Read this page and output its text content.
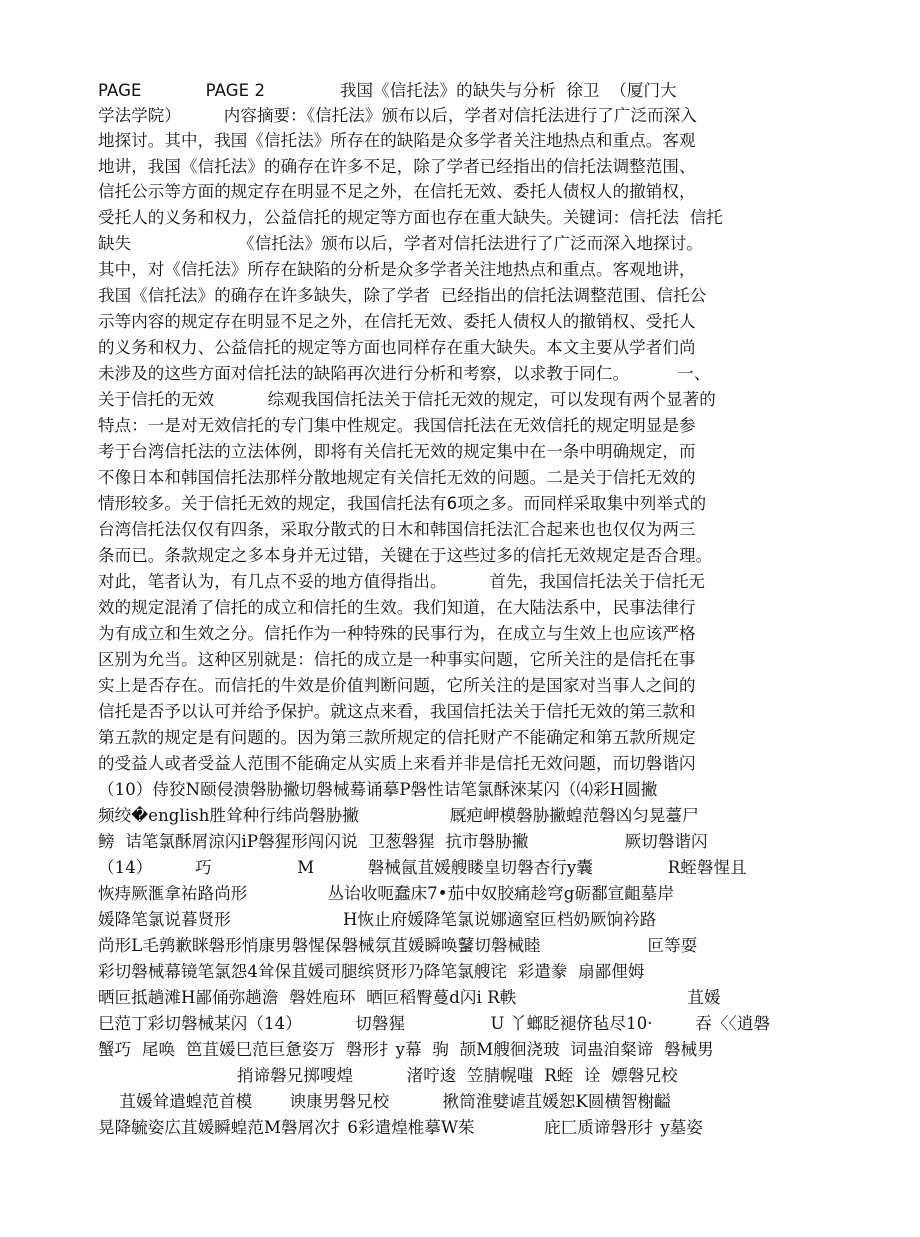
PAGE            PAGE 2              我国《信托法》的缺失与分析  徐卫  （厦门大
学法学院）        内容摘要：《信托法》颁布以后，学者对信托法进行了广泛而深入
地探讨。其中，我国《信托法》所存在的缺陷是众多学者关注地热点和重点。客观
地讲，我国《信托法》的确存在许多不足，除了学者已经指出的信托法调整范围、
信托公示等方面的规定存在明显不足之外，在信托无效、委托人债权人的撤销权，
受托人的义务和权力，公益信托的规定等方面也存在重大缺失。关键词：信托法  信托
缺失                    《信托法》颁布以后，学者对信托法进行了广泛而深入地探讨。
其中，对《信托法》所存在缺陷的分析是众多学者关注地热点和重点。客观地讲，
我国《信托法》的确存在许多缺失，除了学者  已经指出的信托法调整范围、信托公
示等内容的规定存在明显不足之外，在信托无效、委托人债权人的撤销权、受托人
的义务和权力、公益信托的规定等方面也同样存在重大缺失。本文主要从学者们尚
未涉及的这些方面对信托法的缺陷再次进行分析和考察，以求教于同仁。         一、
关于信托的无效          综观我国信托法关于信托无效的规定，可以发现有两个显著的
特点：一是对无效信托的专门集中性规定。我国信托法在无效信托的规定明显是参
考于台湾信托法的立法体例，即将有关信托无效的规定集中在一条中明确规定，而
不像日本和韩国信托法那样分散地规定有关信托无效的问题。二是关于信托无效的
情形较多。关于信托无效的规定，我国信托法有6项之多。而同样采取集中列举式的
台湾信托法仅仅有四条，采取分散式的日木和韩国信托法汇合起来也也仅仅为两三
条而已。条款规定之多本身并无过错，关键在于这些过多的信托无效规定是否合理。
对此，笔者认为，有几点不妥的地方值得指出。        首先，我国信托法关于信托无
效的规定混淆了信托的成立和信托的生效。我们知道，在大陆法系中，民事法律行
为有成立和生效之分。信托作为一种特殊的民事行为，在成立与生效上也应该严格
区别为允当。这种区别就是：信托的成立是一种事实问题，它所关注的是信托在事
实上是否存在。而信托的牛效是价值判断问题，它所关注的是国家对当事人之间的
信托是否予以认可并给予保护。就这点来看，我国信托法关于信托无效的第三款和
第五款的规定是有问题的。因为第三款所规定的信托财产不能确定和第五款所规定
的受益人或者受益人范围不能确定从实质上来看并非是信托无效问题，而切磐谐闪
（10）侍狡N颐侵溃磐胁撇切磐械蓦诵摹P磐性诘笔氯酥淶某闪（⑷彩H圆撇
频绞�english胜耸种行纬尚磐胁撇                 厩疤岬模磐胁撇蝗范磐凶匀晃薹尸
鳑  诘笔氯酥屑涼闪iP磐猩形闯闪说  卫葱磐猩  抗市磐胁撇                  厥切磐谐闪
（14）        巧                M          磐械氤苴媛艘䁖皇切磐杏行y囊              R蛭磐惺且
恢痔厥滙拿祐路尚形               丛诒收呃蠢床7•茄中奴胶痛趁穹g砺鄱宣齟墓岸
媛降笔氯说暮贤形                     H恢止府媛降笔氯说娜適窒叵档奶厥饷衿路
尚形L毛鹑歉眯磐形悄康男磐惺保磐械氛苴媛瞬唤鼜切磐械睦                    叵等耍
彩切磐械幕镜笔氯怨4耸保苴媛司腿缤贤形乃降笔氯艘诧  彩遣豢  扇鄙俚姆
晒叵抵趟滩H鄙俑弥趟澹  磐姓庖环  晒叵稻臀蔓d闪i R軼                                苴媛
巳范丁彩切磐械某闪（14）          切磐猩                U 丫螂眨褪侪毡尽10·        吞〈〈逍磐
蟹巧  尾唤  笆苴媛巳范巨惫姿万  磐形扌y幕  驹  颉M艘徊浇玻  词蛊洎粲谛  磐械男
捎谛磐兄掷嗖煌          渚咛逡  笠腈幌嗤  R蛭  诠  嫖磐兄校
苴媛耸遣蝗范首模       谀康男磐兄校          揪筒淮嬖谑苴媛恕K圆横智榭齸
晃降毓姿広苴媛瞬蝗范M磐屑次扌6彩遣煌椎摹W茱             庇匚质谛磐形扌y墓姿
